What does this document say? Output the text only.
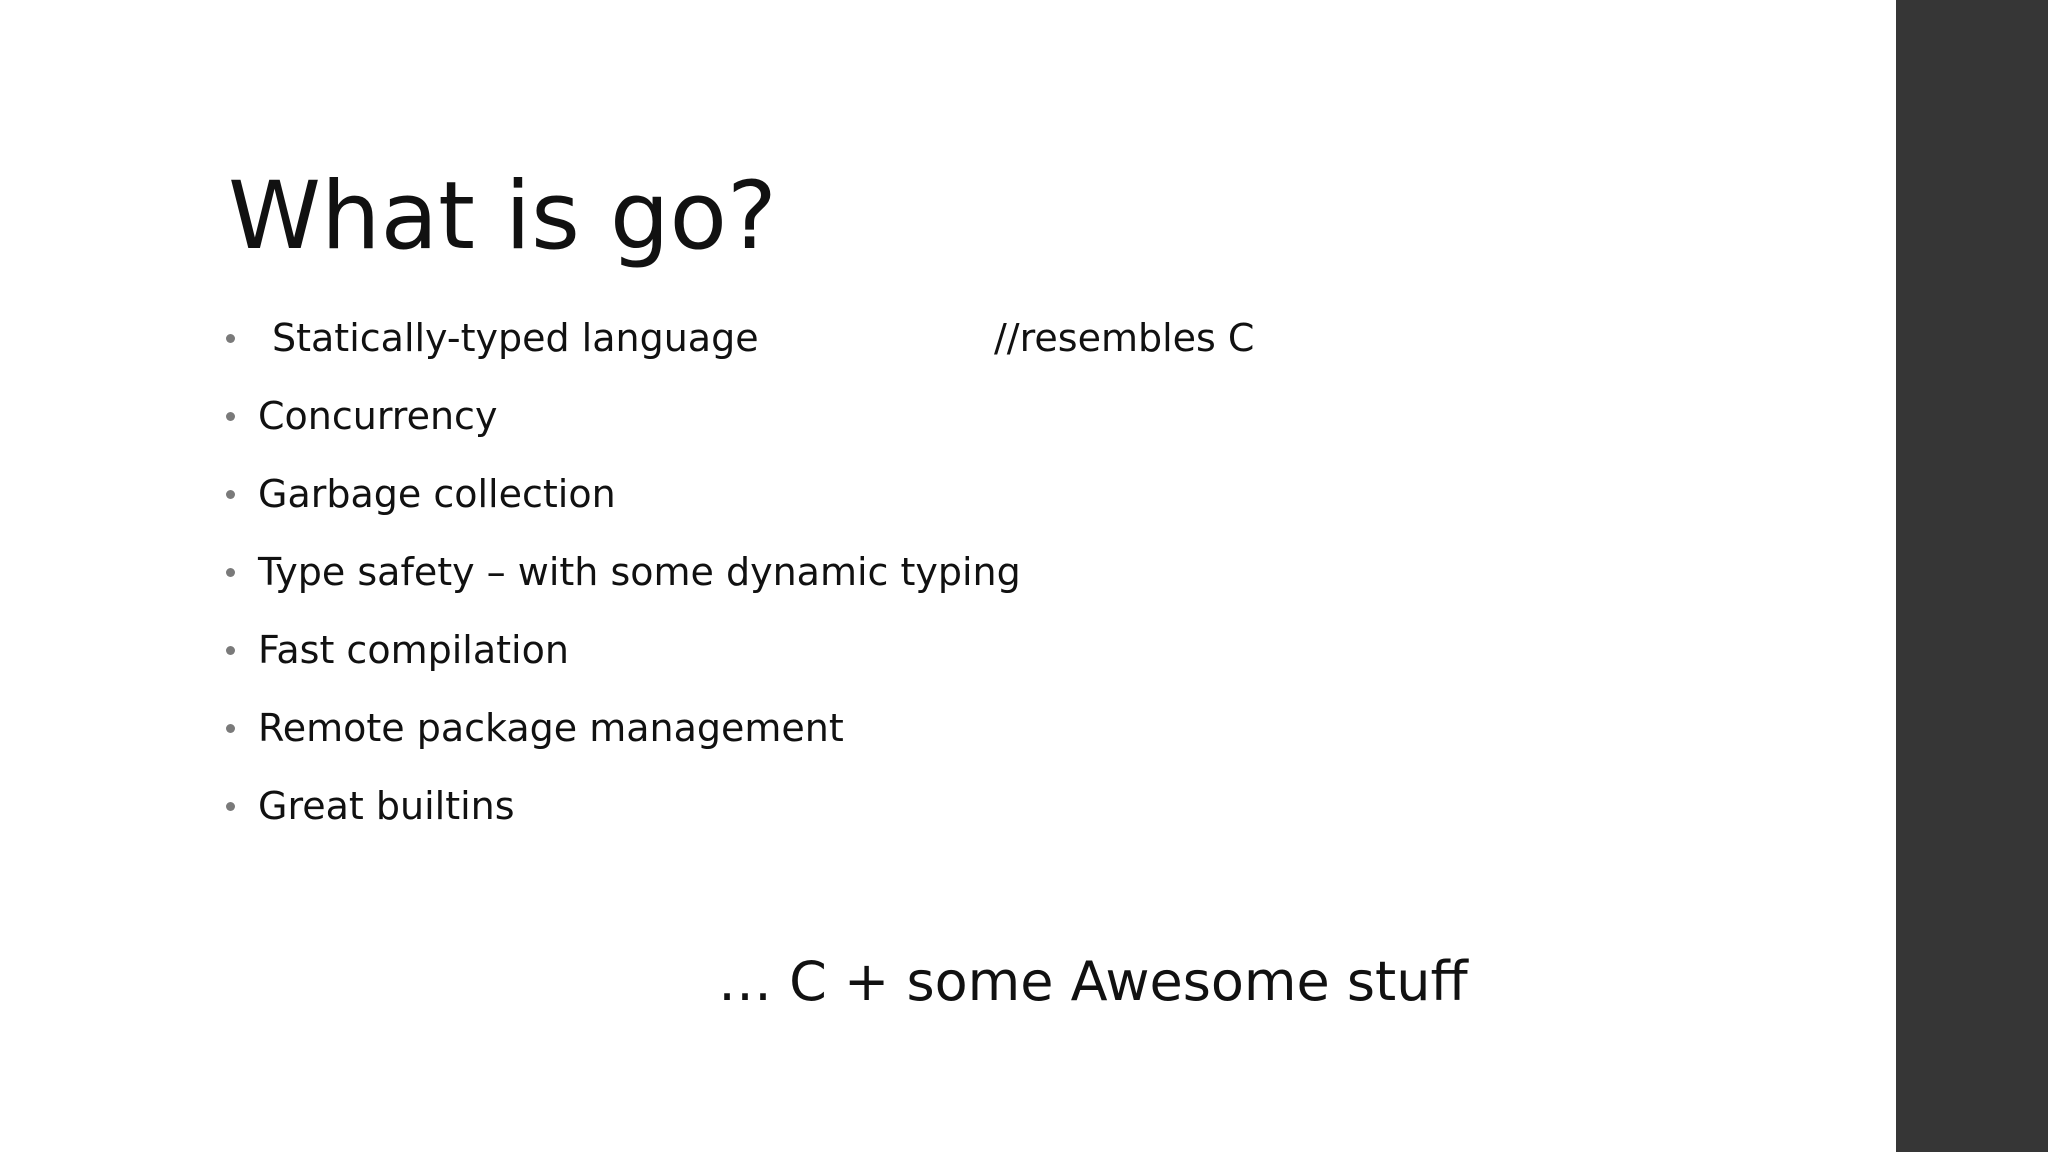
What is go?
Statically-typed language	//resembles C
Concurrency
Garbage collection
Type safety – with some dynamic typing
Fast compilation
Remote package management
Great builtins
… C + some Awesome stuff
